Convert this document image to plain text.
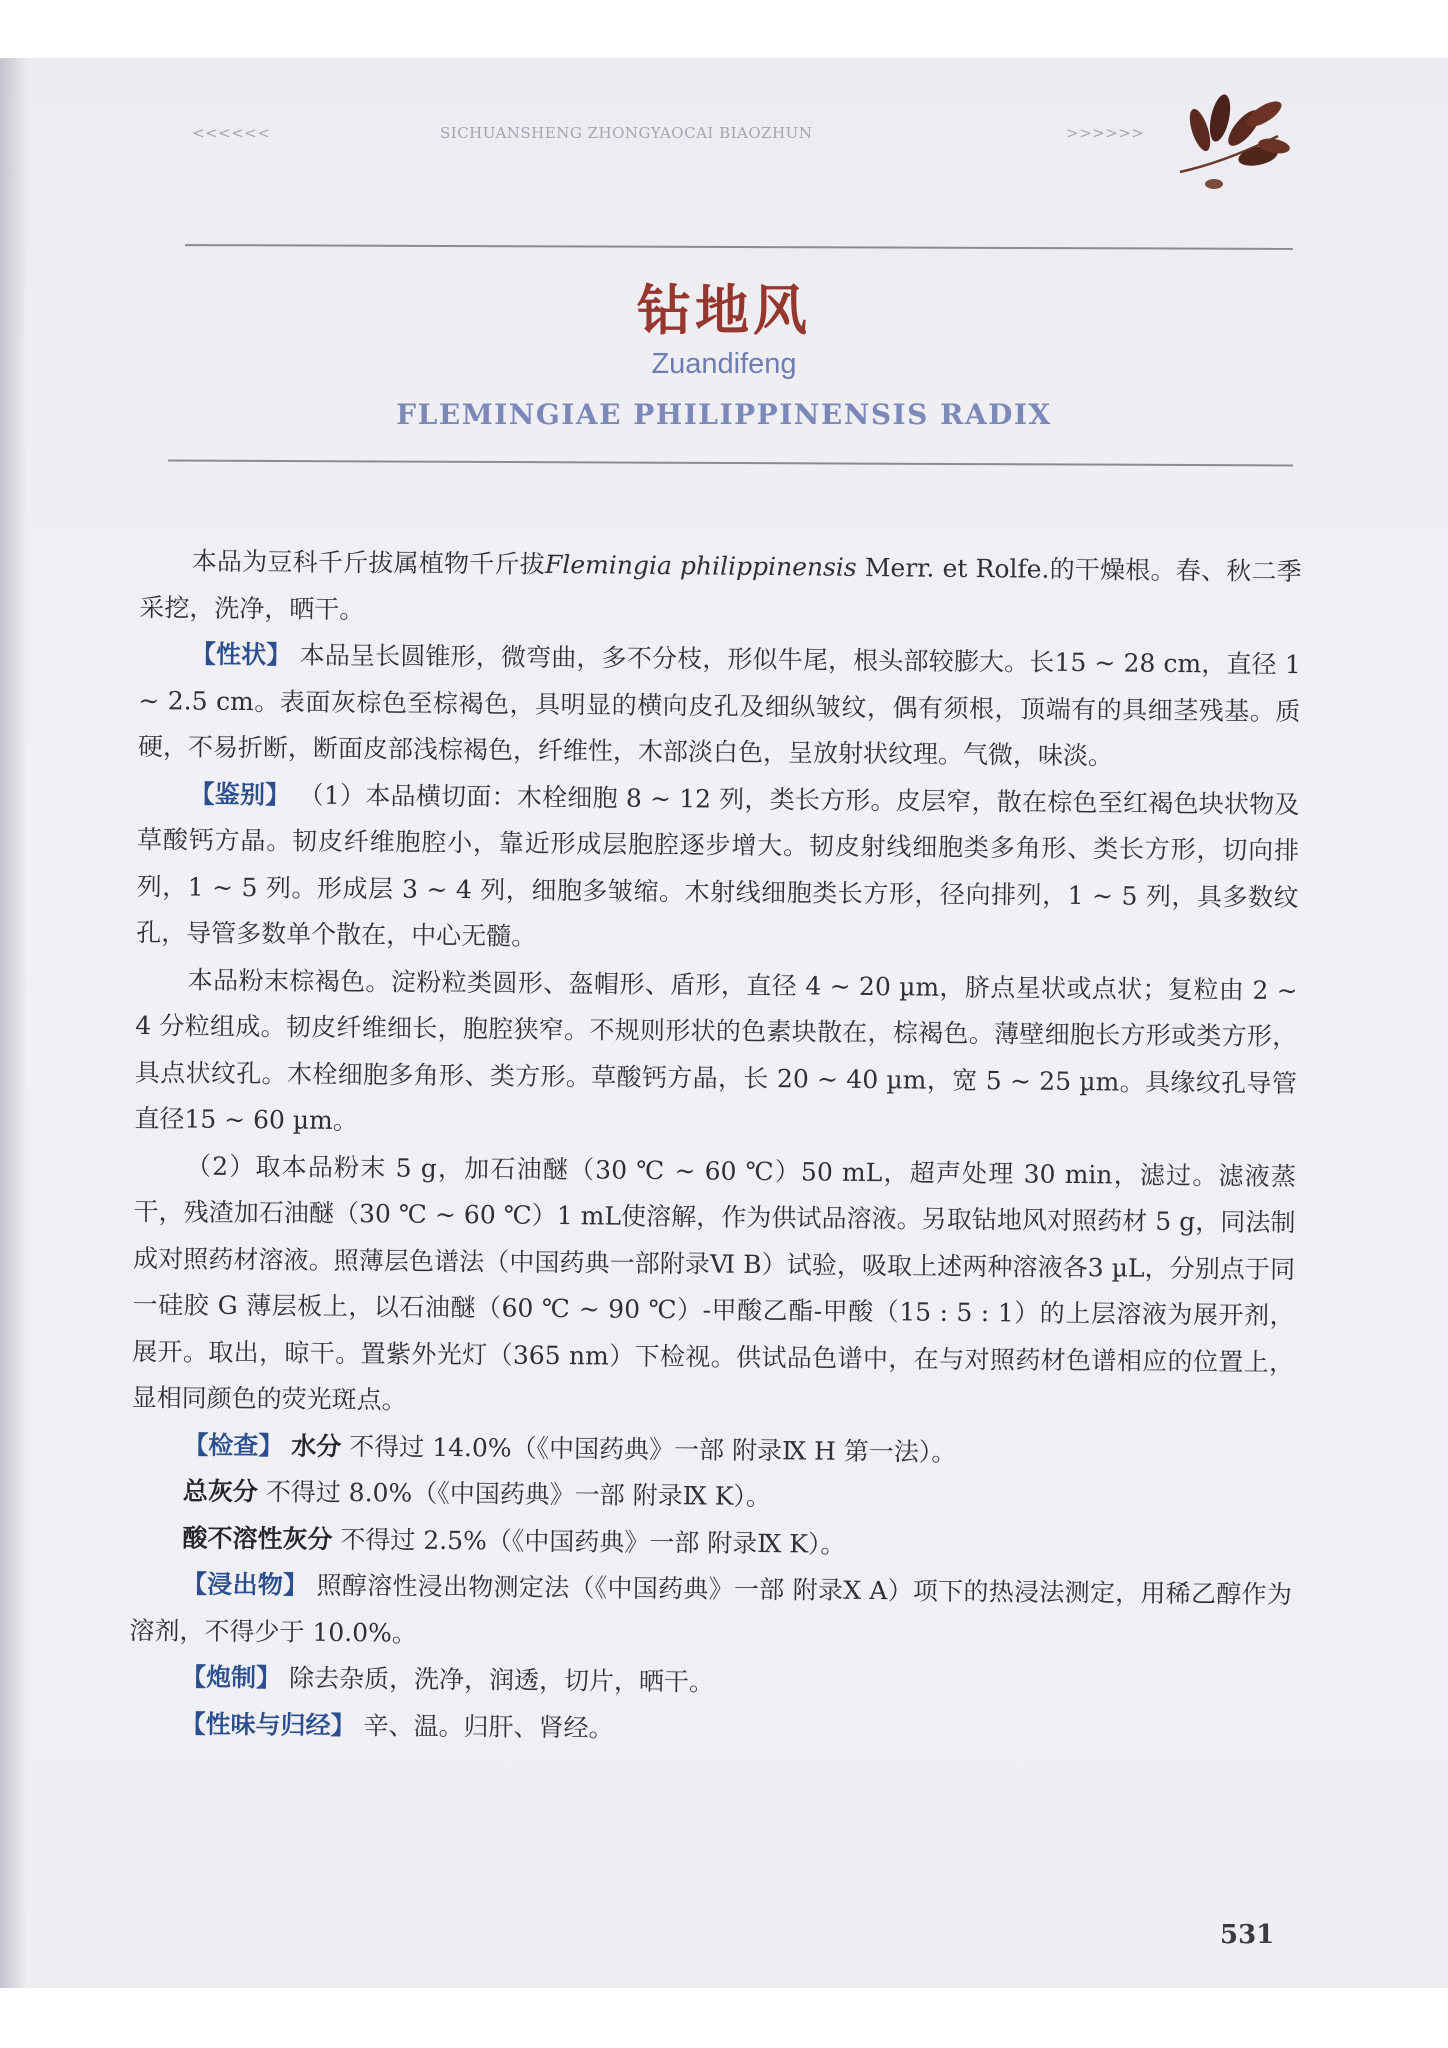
<<<<<<	SICHUANSHENG ZHONGYAOCAI BIAOZHUN	>>>>>>
钻地风
Zuandifeng
FLEMINGIAE PHILIPPINENSIS RADIX

本品为豆科千斤拔属植物千斤拔Flemingia philippinensis Merr. et Rolfe.的干燥根。春、秋二季采挖，洗净，晒干。

【性状】 本品呈长圆锥形，微弯曲，多不分枝，形似牛尾，根头部较膨大。长15 ~ 28 cm，直径 1 ~ 2.5 cm。表面灰棕色至棕褐色，具明显的横向皮孔及细纵皱纹，偶有须根，顶端有的具细茎残基。质硬，不易折断，断面皮部浅棕褐色，纤维性，木部淡白色，呈放射状纹理。气微，味淡。

【鉴别】 （1）本品横切面：木栓细胞 8 ~ 12 列，类长方形。皮层窄，散在棕色至红褐色块状物及草酸钙方晶。韧皮纤维胞腔小，靠近形成层胞腔逐步增大。韧皮射线细胞类多角形、类长方形，切向排列，1 ~ 5 列。形成层 3 ~ 4 列，细胞多皱缩。木射线细胞类长方形，径向排列，1 ~ 5 列，具多数纹孔，导管多数单个散在，中心无髓。

本品粉末棕褐色。淀粉粒类圆形、盔帽形、盾形，直径 4 ~ 20 µm，脐点星状或点状；复粒由 2 ~ 4 分粒组成。韧皮纤维细长，胞腔狭窄。不规则形状的色素块散在，棕褐色。薄壁细胞长方形或类方形，具点状纹孔。木栓细胞多角形、类方形。草酸钙方晶，长 20 ~ 40 µm，宽 5 ~ 25 µm。具缘纹孔导管直径15 ~ 60 µm。

（2）取本品粉末 5 g，加石油醚（30 ℃ ~ 60 ℃）50 mL，超声处理 30 min，滤过。滤液蒸干，残渣加石油醚（30 ℃ ~ 60 ℃）1 mL使溶解，作为供试品溶液。另取钻地风对照药材 5 g，同法制成对照药材溶液。照薄层色谱法（中国药典一部附录Ⅵ B）试验，吸取上述两种溶液各3 µL，分别点于同一硅胶 G 薄层板上，以石油醚（60 ℃ ~ 90 ℃）-甲酸乙酯-甲酸（15 : 5 : 1）的上层溶液为展开剂，展开。取出，晾干。置紫外光灯（365 nm）下检视。供试品色谱中，在与对照药材色谱相应的位置上，显相同颜色的荧光斑点。

【检查】 水分 不得过 14.0%（《中国药典》一部 附录Ⅸ H 第一法）。

总灰分 不得过 8.0%（《中国药典》一部 附录Ⅸ K）。

酸不溶性灰分 不得过 2.5%（《中国药典》一部 附录Ⅸ K）。

【浸出物】 照醇溶性浸出物测定法（《中国药典》一部 附录X A）项下的热浸法测定，用稀乙醇作为溶剂，不得少于 10.0%。

【炮制】 除去杂质，洗净，润透，切片，晒干。

【性味与归经】 辛、温。归肝、肾经。

531
